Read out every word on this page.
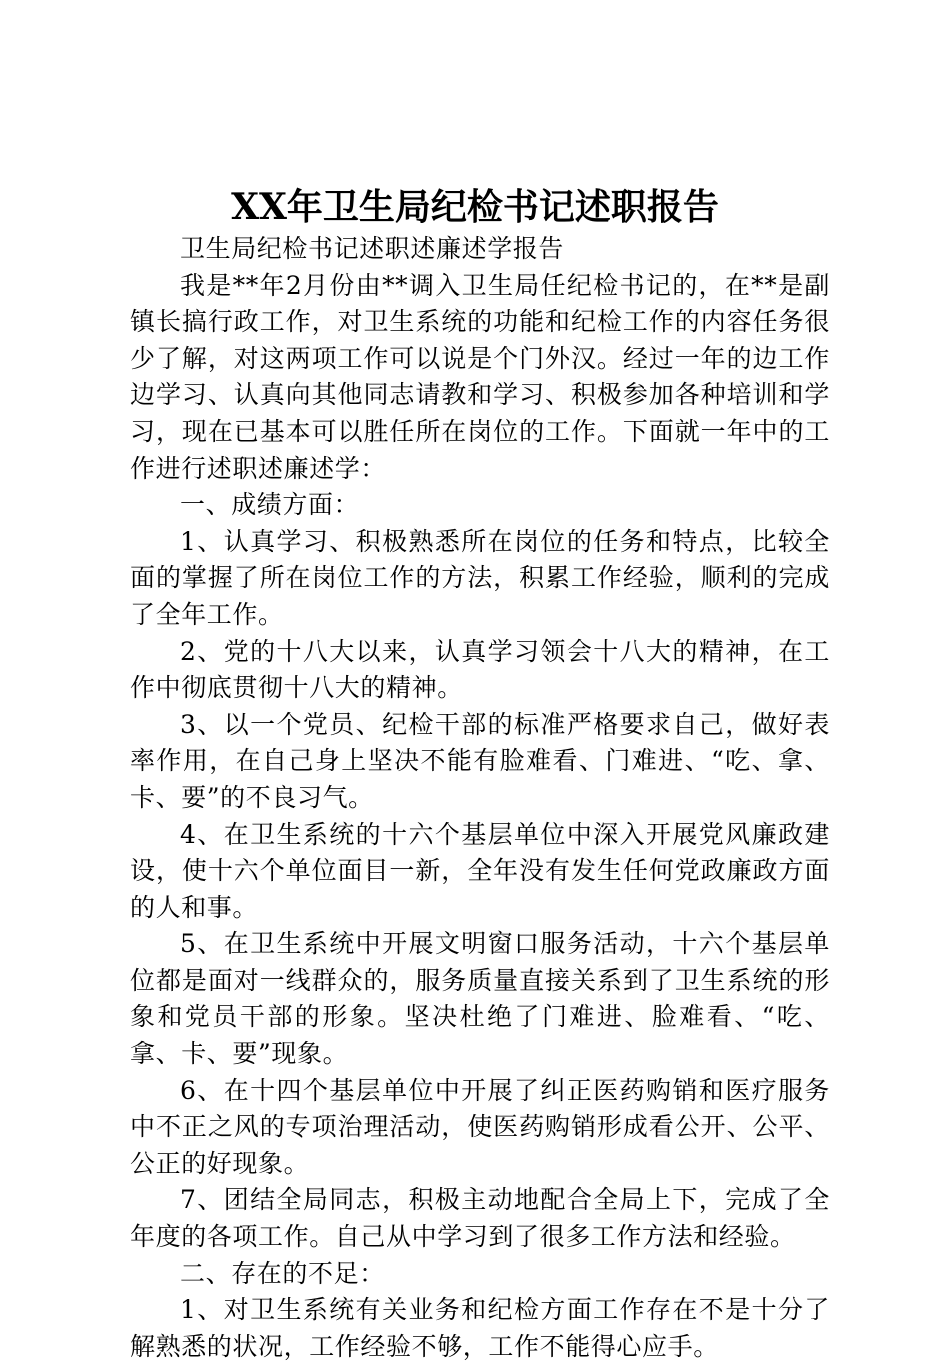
XX年卫生局纪检书记述职报告

卫生局纪检书记述职述廉述学报告

我是**年2月份由**调入卫生局任纪检书记的，在**是副镇长搞行政工作，对卫生系统的功能和纪检工作的内容任务很少了解，对这两项工作可以说是个门外汉。经过一年的边工作边学习、认真向其他同志请教和学习、积极参加各种培训和学习，现在已基本可以胜任所在岗位的工作。下面就一年中的工作进行述职述廉述学：

一、成绩方面：

1、认真学习、积极熟悉所在岗位的任务和特点，比较全面的掌握了所在岗位工作的方法，积累工作经验，顺利的完成了全年工作。

2、党的十八大以来，认真学习领会十八大的精神，在工作中彻底贯彻十八大的精神。

3、以一个党员、纪检干部的标准严格要求自己，做好表率作用，在自己身上坚决不能有脸难看、门难进、“吃、拿、卡、要”的不良习气。

4、在卫生系统的十六个基层单位中深入开展党风廉政建设，使十六个单位面目一新，全年没有发生任何党政廉政方面的人和事。

5、在卫生系统中开展文明窗口服务活动，十六个基层单位都是面对一线群众的，服务质量直接关系到了卫生系统的形象和党员干部的形象。坚决杜绝了门难进、脸难看、“吃、拿、卡、要”现象。

6、在十四个基层单位中开展了纠正医药购销和医疗服务中不正之风的专项治理活动，使医药购销形成看公开、公平、公正的好现象。

7、团结全局同志，积极主动地配合全局上下，完成了全年度的各项工作。自己从中学习到了很多工作方法和经验。

二、存在的不足：

1、对卫生系统有关业务和纪检方面工作存在不是十分了解熟悉的状况，工作经验不够，工作不能得心应手。
